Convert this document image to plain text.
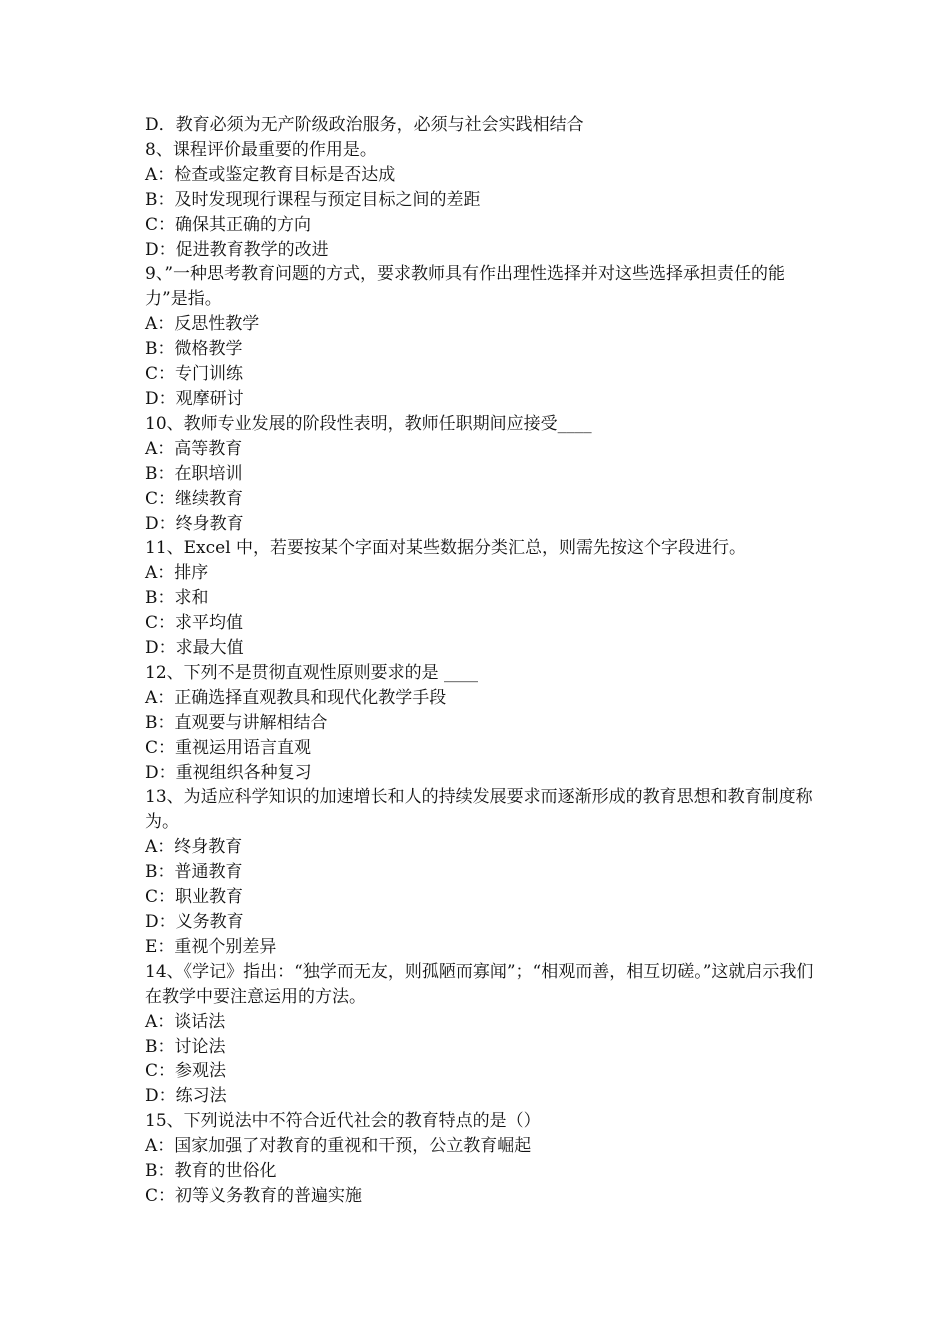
D．教育必须为无产阶级政治服务，必须与社会实践相结合
8、课程评价最重要的作用是。
A：检查或鉴定教育目标是否达成
B：及时发现现行课程与预定目标之间的差距
C：确保其正确的方向
D：促进教育教学的改进
9、”一种思考教育问题的方式，要求教师具有作出理性选择并对这些选择承担责任的能力”是指。
A：反思性教学
B：微格教学
C：专门训练
D：观摩研讨
10、教师专业发展的阶段性表明，教师任职期间应接受____
A：高等教育
B：在职培训
C：继续教育
D：终身教育
11、Excel 中，若要按某个字面对某些数据分类汇总，则需先按这个字段进行。
A：排序
B：求和
C：求平均值
D：求最大值
12、下列不是贯彻直观性原则要求的是 ____
A：正确选择直观教具和现代化教学手段
B：直观要与讲解相结合
C：重视运用语言直观
D：重视组织各种复习
13、为适应科学知识的加速增长和人的持续发展要求而逐渐形成的教育思想和教育制度称为。
A：终身教育
B：普通教育
C：职业教育
D：义务教育
E：重视个别差异
14、《学记》指出：“独学而无友，则孤陋而寡闻”；“相观而善，相互切磋。”这就启示我们在教学中要注意运用的方法。
A：谈话法
B：讨论法
C：参观法
D：练习法
15、下列说法中不符合近代社会的教育特点的是（）
A：国家加强了对教育的重视和干预，公立教育崛起
B：教育的世俗化
C：初等义务教育的普遍实施
